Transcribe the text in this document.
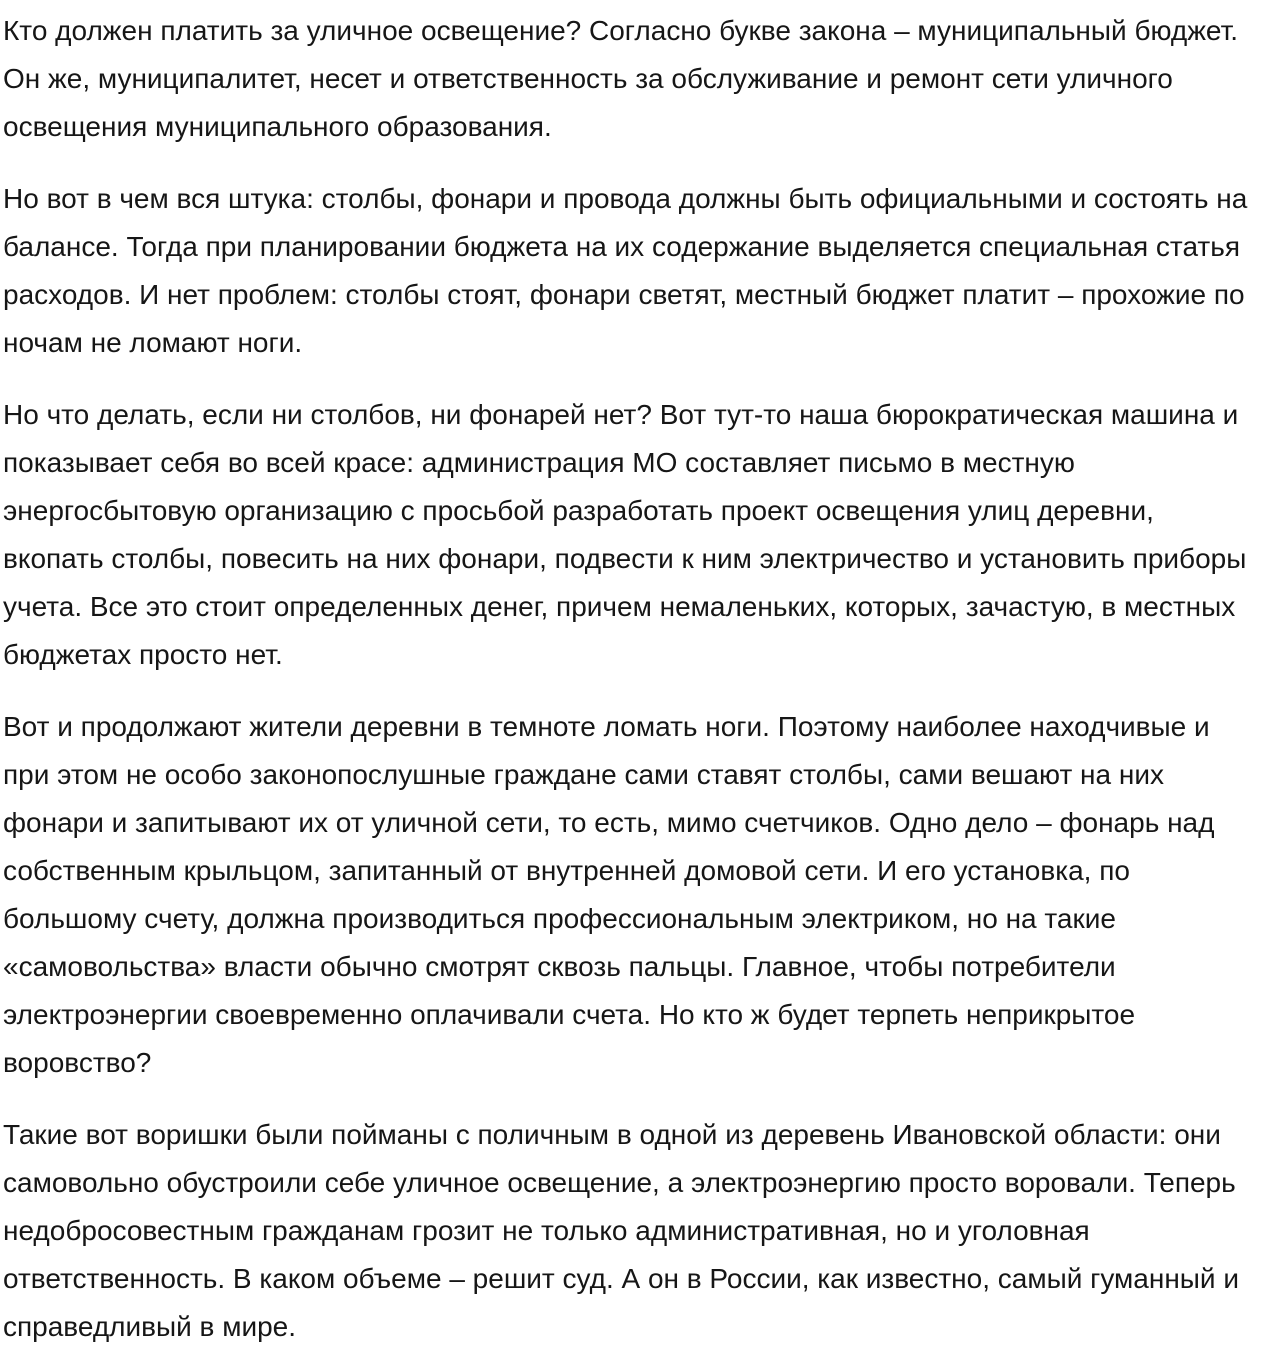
Кто должен платить за уличное освещение? Согласно букве закона – муниципальный бюджет. Он же, муниципалитет, несет и ответственность за обслуживание и ремонт сети уличного освещения муниципального образования.

Но вот в чем вся штука: столбы, фонари и провода должны быть официальными и состоять на балансе. Тогда при планировании бюджета на их содержание выделяется специальная статья расходов. И нет проблем: столбы стоят, фонари светят, местный бюджет платит – прохожие по ночам не ломают ноги.

Но что делать, если ни столбов, ни фонарей нет? Вот тут-то наша бюрократическая машина и показывает себя во всей красе: администрация МО составляет письмо в местную энергосбытовую организацию с просьбой разработать проект освещения улиц деревни, вкопать столбы, повесить на них фонари, подвести к ним электричество и установить приборы учета. Все это стоит определенных денег, причем немаленьких, которых, зачастую, в местных бюджетах просто нет.

Вот и продолжают жители деревни в темноте ломать ноги. Поэтому наиболее находчивые и при этом не особо законопослушные граждане сами ставят столбы, сами вешают на них фонари и запитывают их от уличной сети, то есть, мимо счетчиков. Одно дело – фонарь над собственным крыльцом, запитанный от внутренней домовой сети. И его установка, по большому счету, должна производиться профессиональным электриком, но на такие «самовольства» власти обычно смотрят сквозь пальцы. Главное, чтобы потребители электроэнергии своевременно оплачивали счета. Но кто ж будет терпеть неприкрытое воровство?

Такие вот воришки были пойманы с поличным в одной из деревень Ивановской области: они самовольно обустроили себе уличное освещение, а электроэнергию просто воровали. Теперь недобросовестным гражданам грозит не только административная, но и уголовная ответственность. В каком объеме – решит суд. А он в России, как известно, самый гуманный и справедливый в мире.
